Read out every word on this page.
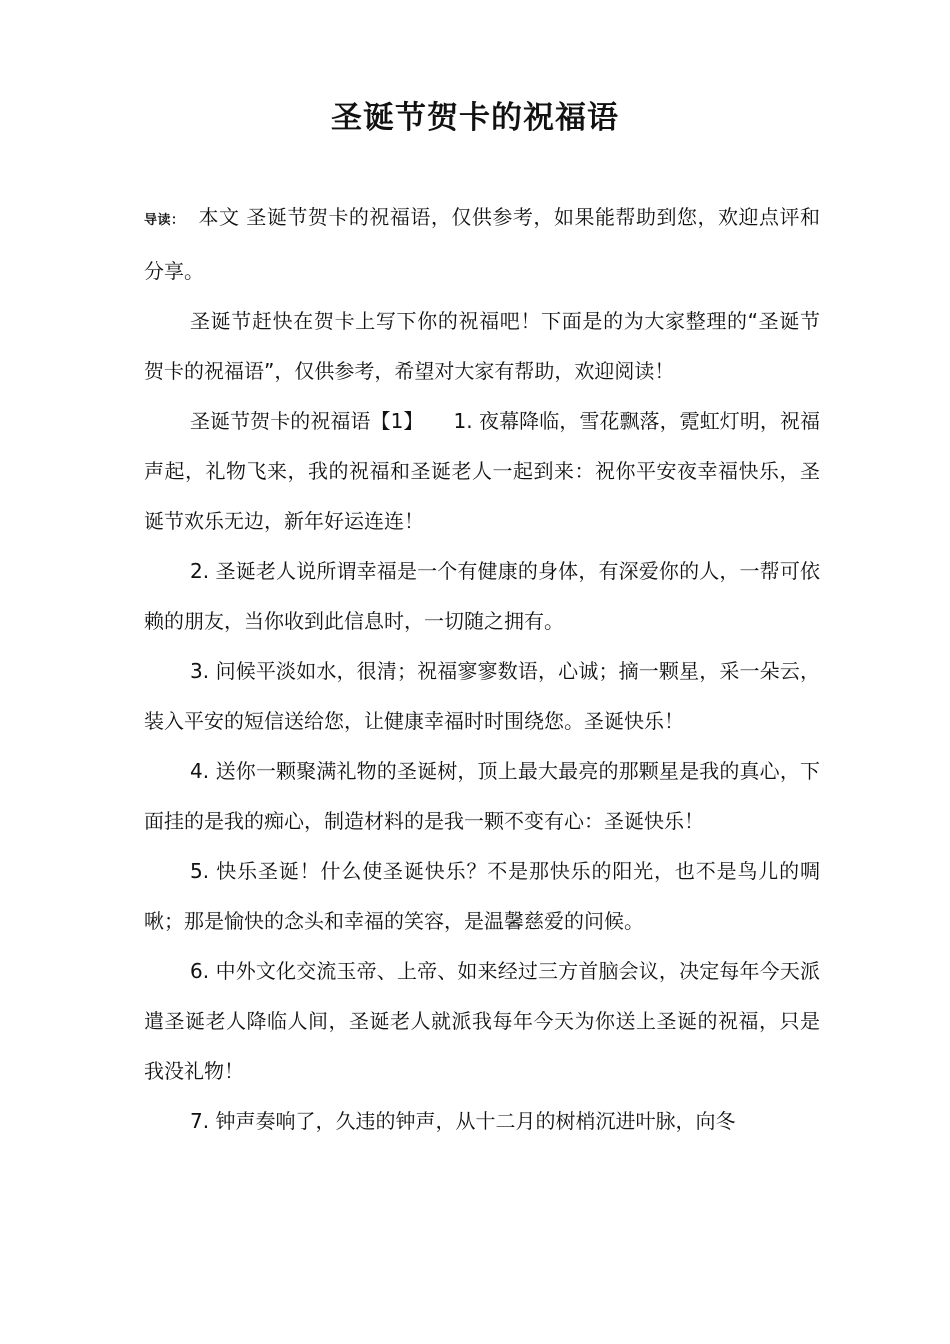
圣诞节贺卡的祝福语

导读： 本文 圣诞节贺卡的祝福语，仅供参考，如果能帮助到您，欢迎点评和分享。

圣诞节赶快在贺卡上写下你的祝福吧！下面是的为大家整理的“圣诞节贺卡的祝福语”，仅供参考，希望对大家有帮助，欢迎阅读！

圣诞节贺卡的祝福语【1】　　1. 夜幕降临，雪花飘落，霓虹灯明，祝福声起，礼物飞来，我的祝福和圣诞老人一起到来：祝你平安夜幸福快乐，圣诞节欢乐无边，新年好运连连！

2. 圣诞老人说所谓幸福是一个有健康的身体，有深爱你的人，一帮可依赖的朋友，当你收到此信息时，一切随之拥有。

3. 问候平淡如水，很清；祝福寥寥数语，心诚；摘一颗星，采一朵云，装入平安的短信送给您，让健康幸福时时围绕您。圣诞快乐！

4. 送你一颗聚满礼物的圣诞树，顶上最大最亮的那颗星是我的真心，下面挂的是我的痴心，制造材料的是我一颗不变有心：圣诞快乐！

5. 快乐圣诞！什么使圣诞快乐？不是那快乐的阳光，也不是鸟儿的啁啾；那是愉快的念头和幸福的笑容，是温馨慈爱的问候。

6. 中外文化交流玉帝、上帝、如来经过三方首脑会议，决定每年今天派遣圣诞老人降临人间，圣诞老人就派我每年今天为你送上圣诞的祝福，只是我没礼物！

7. 钟声奏响了，久违的钟声，从十二月的树梢沉进叶脉，向冬
